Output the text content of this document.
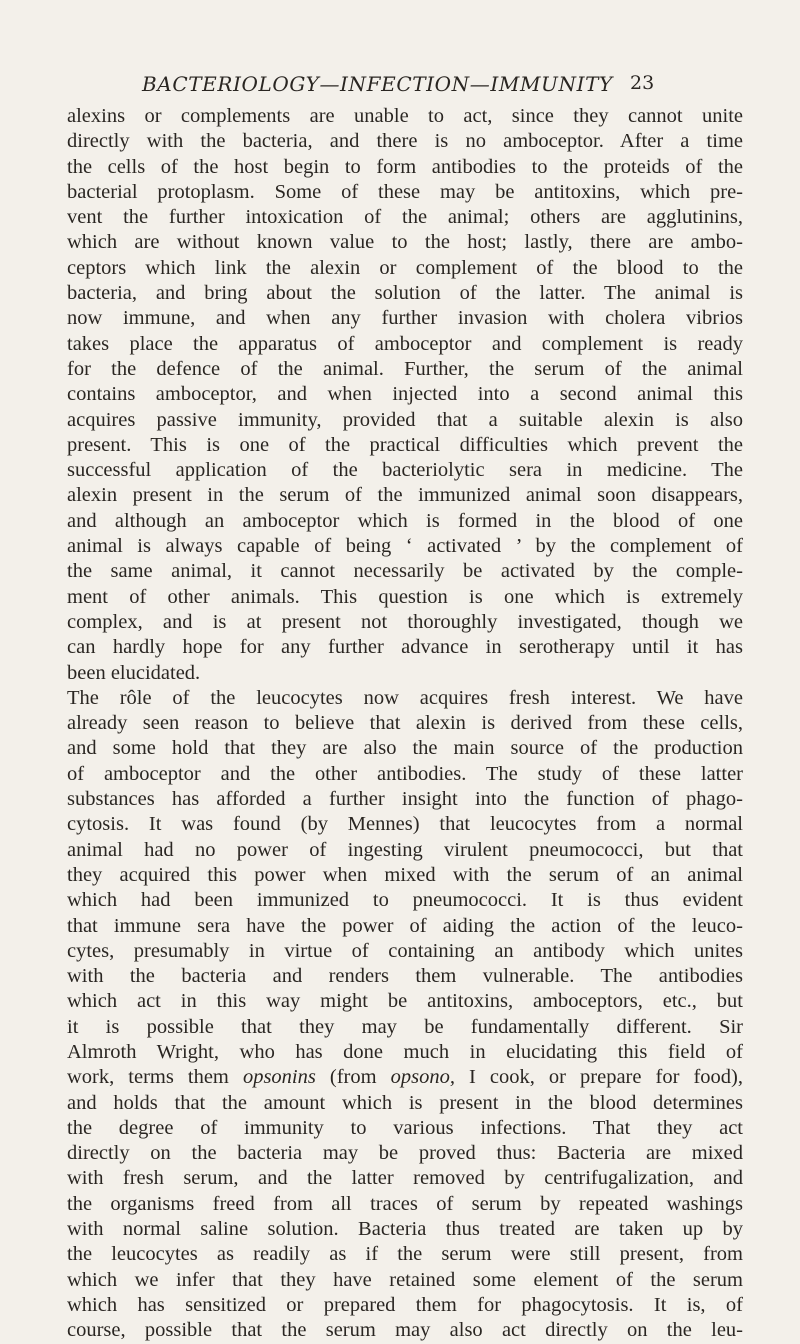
BACTERIOLOGY—INFECTION—IMMUNITY 23
alexins or complements are unable to act, since they cannot unite
directly with the bacteria, and there is no amboceptor. After a time
the cells of the host begin to form antibodies to the proteids of the
bacterial protoplasm. Some of these may be antitoxins, which pre-
vent the further intoxication of the animal; others are agglutinins,
which are without known value to the host; lastly, there are ambo-
ceptors which link the alexin or complement of the blood to the
bacteria, and bring about the solution of the latter. The animal is
now immune, and when any further invasion with cholera vibrios
takes place the apparatus of amboceptor and complement is ready
for the defence of the animal. Further, the serum of the animal
contains amboceptor, and when injected into a second animal this
acquires passive immunity, provided that a suitable alexin is also
present. This is one of the practical difficulties which prevent the
successful application of the bacteriolytic sera in medicine. The
alexin present in the serum of the immunized animal soon disappears,
and although an amboceptor which is formed in the blood of one
animal is always capable of being ‘ activated ’ by the complement of
the same animal, it cannot necessarily be activated by the comple-
ment of other animals. This question is one which is extremely
complex, and is at present not thoroughly investigated, though we
can hardly hope for any further advance in serotherapy until it has
been elucidated.
The rôle of the leucocytes now acquires fresh interest. We have
already seen reason to believe that alexin is derived from these cells,
and some hold that they are also the main source of the production
of amboceptor and the other antibodies. The study of these latter
substances has afforded a further insight into the function of phago-
cytosis. It was found (by Mennes) that leucocytes from a normal
animal had no power of ingesting virulent pneumococci, but that
they acquired this power when mixed with the serum of an animal
which had been immunized to pneumococci. It is thus evident
that immune sera have the power of aiding the action of the leuco-
cytes, presumably in virtue of containing an antibody which unites
with the bacteria and renders them vulnerable. The antibodies
which act in this way might be antitoxins, amboceptors, etc., but
it is possible that they may be fundamentally different. Sir
Almroth Wright, who has done much in elucidating this field of
work, terms them opsonins (from opsono, I cook, or prepare for food),
and holds that the amount which is present in the blood determines
the degree of immunity to various infections. That they act
directly on the bacteria may be proved thus: Bacteria are mixed
with fresh serum, and the latter removed by centrifugalization, and
the organisms freed from all traces of serum by repeated washings
with normal saline solution. Bacteria thus treated are taken up by
the leucocytes as readily as if the serum were still present, from
which we infer that they have retained some element of the serum
which has sensitized or prepared them for phagocytosis. It is, of
course, possible that the serum may also act directly on the leu-
